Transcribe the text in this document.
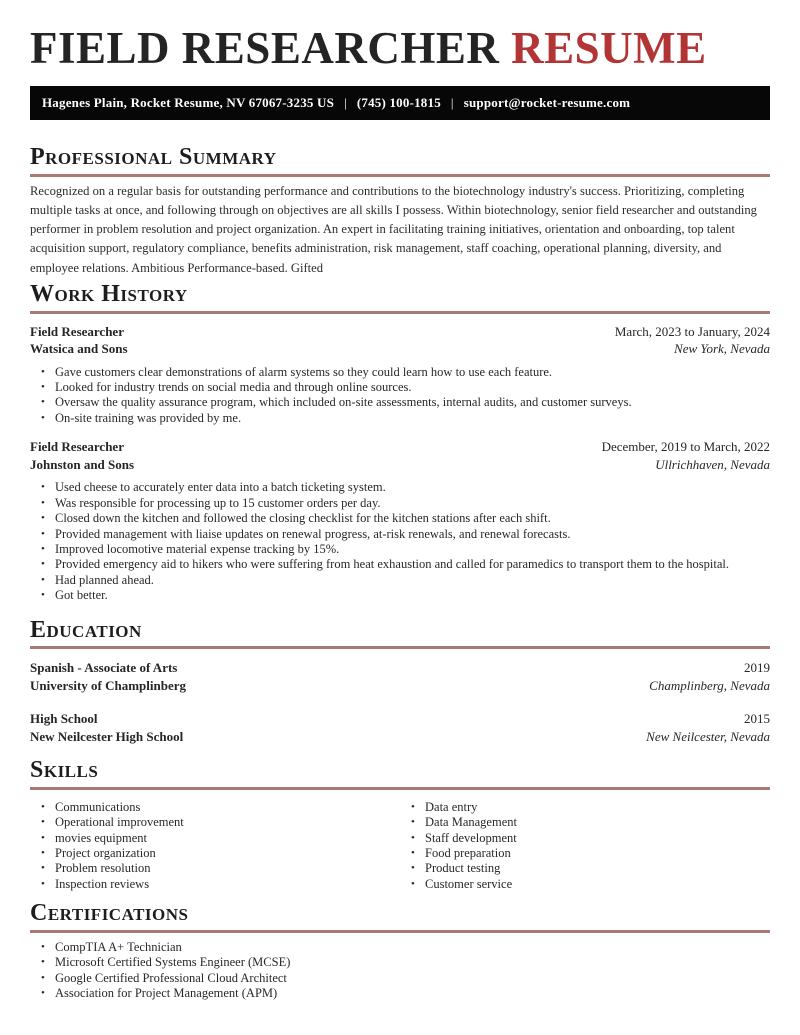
FIELD RESEARCHER RESUME
Hagenes Plain, Rocket Resume, NV 67067-3235 US | (745) 100-1815 | support@rocket-resume.com
Professional Summary

Recognized on a regular basis for outstanding performance and contributions to the biotechnology industry's success. Prioritizing, completing multiple tasks at once, and following through on objectives are all skills I possess. Within biotechnology, senior field researcher and outstanding performer in problem resolution and project organization. An expert in facilitating training initiatives, orientation and onboarding, top talent acquisition support, regulatory compliance, benefits administration, risk management, staff coaching, operational planning, diversity, and employee relations. Ambitious Performance-based. Gifted

Work History
Field Researcher	March, 2023 to January, 2024
Watsica and Sons	New York, Nevada
• Gave customers clear demonstrations of alarm systems so they could learn how to use each feature.
• Looked for industry trends on social media and through online sources.
• Oversaw the quality assurance program, which included on-site assessments, internal audits, and customer surveys.
• On-site training was provided by me.
Field Researcher	December, 2019 to March, 2022
Johnston and Sons	Ullrichhaven, Nevada
• Used cheese to accurately enter data into a batch ticketing system.
• Was responsible for processing up to 15 customer orders per day.
• Closed down the kitchen and followed the closing checklist for the kitchen stations after each shift.
• Provided management with liaise updates on renewal progress, at-risk renewals, and renewal forecasts.
• Improved locomotive material expense tracking by 15%.
• Provided emergency aid to hikers who were suffering from heat exhaustion and called for paramedics to transport them to the hospital.
• Had planned ahead.
• Got better.
Education
Spanish - Associate of Arts	2019
University of Champlinberg	Champlinberg, Nevada
High School	2015
New Neilcester High School	New Neilcester, Nevada
Skills
• Communications
• Operational improvement
• movies equipment
• Project organization
• Problem resolution
• Inspection reviews
• Data entry
• Data Management
• Staff development
• Food preparation
• Product testing
• Customer service
Certifications
• CompTIA A+ Technician
• Microsoft Certified Systems Engineer (MCSE)
• Google Certified Professional Cloud Architect
• Association for Project Management (APM)
